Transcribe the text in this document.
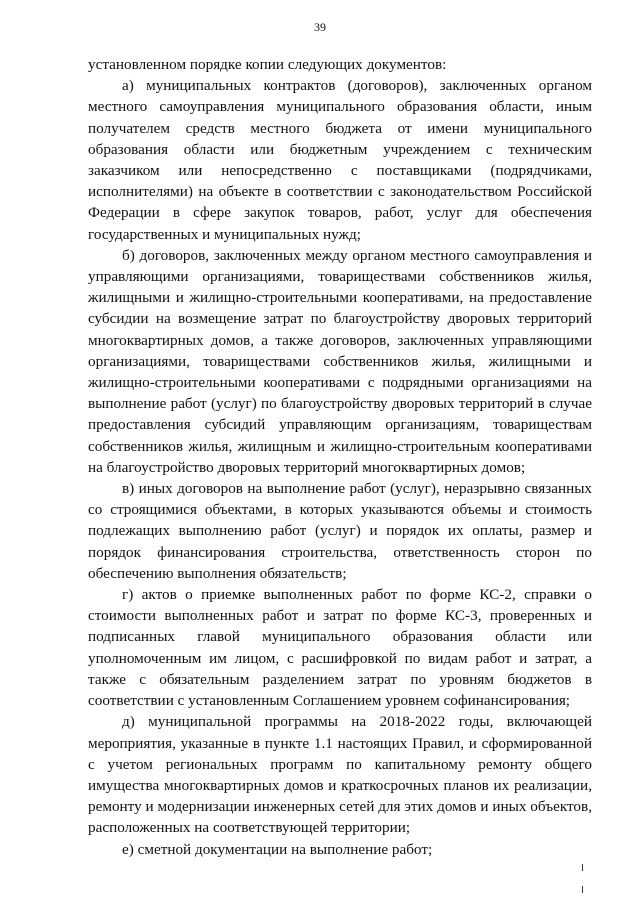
39

установленном порядке копии следующих документов:

а) муниципальных контрактов (договоров), заключенных органом местного самоуправления муниципального образования области, иным получателем средств местного бюджета от имени муниципального образования области или бюджетным учреждением с техническим заказчиком или непосредственно с поставщиками (подрядчиками, исполнителями) на объекте в соответствии с законодательством Российской Федерации в сфере закупок товаров, работ, услуг для обеспечения государственных и муниципальных нужд;

б) договоров, заключенных между органом местного самоуправления и управляющими организациями, товариществами собственников жилья, жилищными и жилищно-строительными кооперативами, на предоставление субсидии на возмещение затрат по благоустройству дворовых территорий многоквартирных домов, а также договоров, заключенных управляющими организациями, товариществами собственников жилья, жилищными и жилищно-строительными кооперативами с подрядными организациями на выполнение работ (услуг) по благоустройству дворовых территорий в случае предоставления субсидий управляющим организациям, товариществам собственников жилья, жилищным и жилищно-строительным кооперативами на благоустройство дворовых территорий многоквартирных домов;

в) иных договоров на выполнение работ (услуг), неразрывно связанных со строящимися объектами, в которых указываются объемы и стоимость подлежащих выполнению работ (услуг) и порядок их оплаты, размер и порядок финансирования строительства, ответственность сторон по обеспечению выполнения обязательств;

г) актов о приемке выполненных работ по форме КС-2, справки о стоимости выполненных работ и затрат по форме КС-3, проверенных и подписанных главой муниципального образования области или уполномоченным им лицом, с расшифровкой по видам работ и затрат, а также с обязательным разделением затрат по уровням бюджетов в соответствии с установленным Соглашением уровнем софинансирования;

д) муниципальной программы на 2018-2022 годы, включающей мероприятия, указанные в пункте 1.1 настоящих Правил, и сформированной с учетом региональных программ по капитальному ремонту общего имущества многоквартирных домов и краткосрочных планов их реализации, ремонту и модернизации инженерных сетей для этих домов и иных объектов, расположенных на соответствующей территории;

е) сметной документации на выполнение работ;
